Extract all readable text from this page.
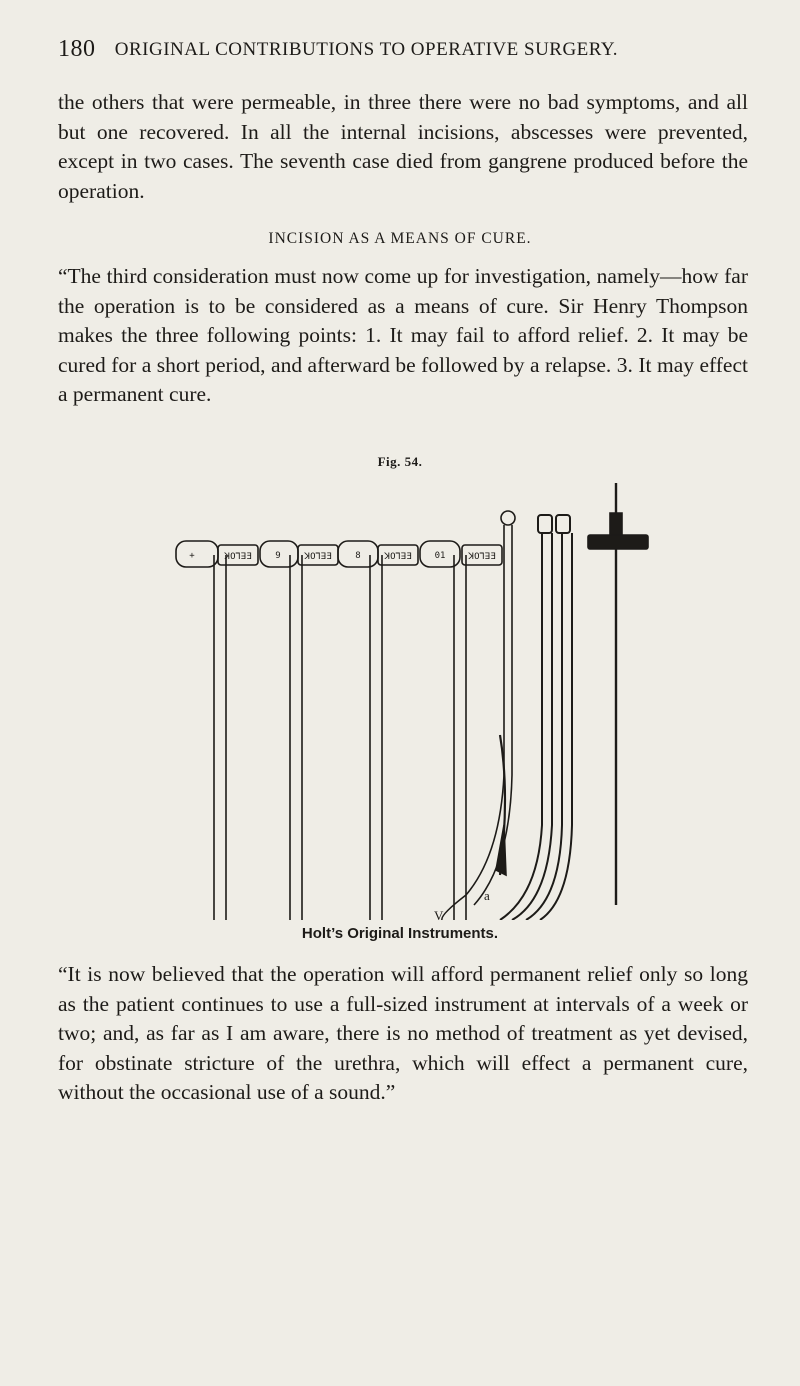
180 ORIGINAL CONTRIBUTIONS TO OPERATIVE SURGERY.

the others that were permeable, in three there were no bad symptoms, and all but one recovered. In all the internal incisions, abscesses were prevented, except in two cases. The seventh case died from gangrene produced before the operation.

INCISION AS A MEANS OF CURE.

“The third consideration must now come up for investigation, namely—how far the operation is to be considered as a means of cure. Sir Henry Thompson makes the three following points: 1. It may fail to afford relief. 2. It may be cured for a short period, and afterward be followed by a relapse. 3. It may effect a permanent cure.

Fig. 54.
+	ꓘOꓶꓱƎ	9	ꓘOꓶꓱƎ	8	ꓘOꓶꓱƎ	01	ꓘOꓶꓱƎ
a
V
Holt’s Original Instruments.

“It is now believed that the operation will afford permanent relief only so long as the patient continues to use a full-sized instrument at intervals of a week or two; and, as far as I am aware, there is no method of treatment as yet devised, for obstinate stricture of the urethra, which will effect a permanent cure, without the occasional use of a sound.”
